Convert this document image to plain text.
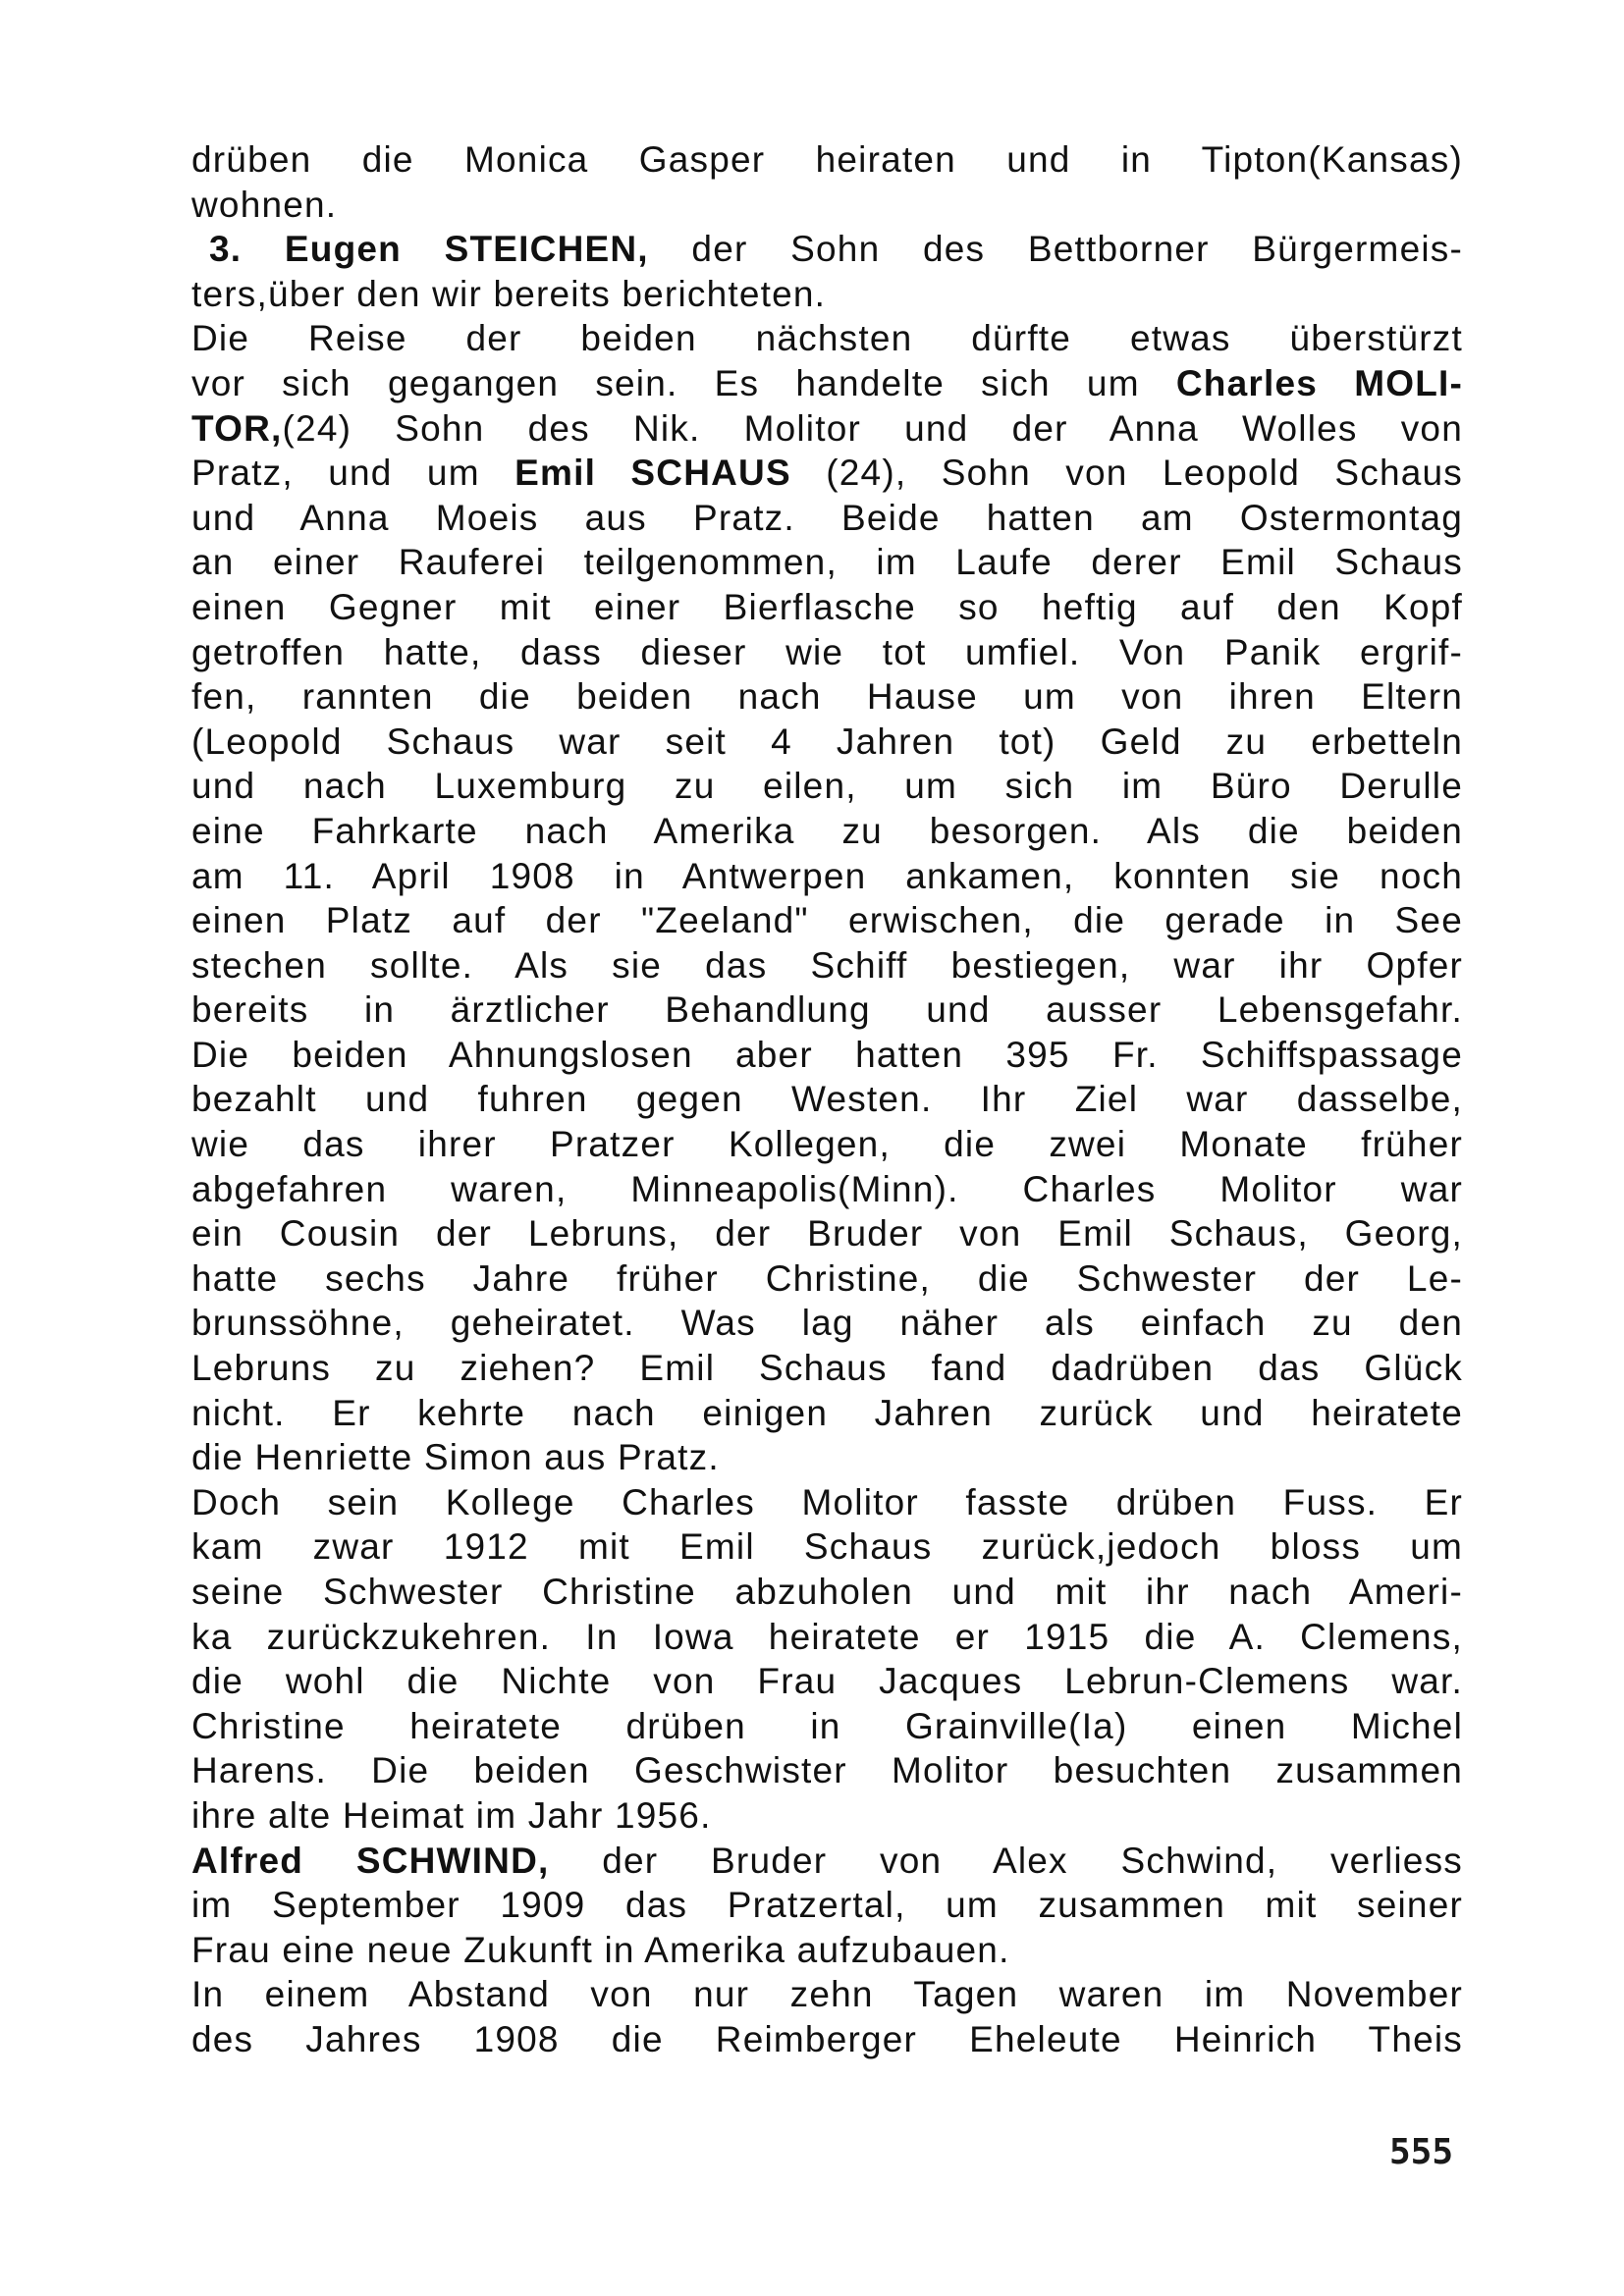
drüben die Monica Gasper heiraten und in Tipton(Kansas)
wohnen.
3. Eugen STEICHEN, der Sohn des Bettborner Bürgermeis-
ters,über den wir bereits berichteten.
Die Reise der beiden nächsten dürfte etwas überstürzt
vor sich gegangen sein. Es handelte sich um Charles MOLI-
TOR,(24) Sohn des Nik. Molitor und der Anna Wolles von
Pratz, und um Emil SCHAUS (24), Sohn von Leopold Schaus
und Anna Moeis aus Pratz. Beide hatten am Ostermontag
an einer Rauferei teilgenommen, im Laufe derer Emil Schaus
einen Gegner mit einer Bierflasche so heftig auf den Kopf
getroffen hatte, dass dieser wie tot umfiel. Von Panik ergrif-
fen, rannten die beiden nach Hause um von ihren Eltern
(Leopold Schaus war seit 4 Jahren tot) Geld zu erbetteln
und nach Luxemburg zu eilen, um sich im Büro Derulle
eine Fahrkarte nach Amerika zu besorgen. Als die beiden
am 11. April 1908 in Antwerpen ankamen, konnten sie noch
einen Platz auf der "Zeeland" erwischen, die gerade in See
stechen sollte. Als sie das Schiff bestiegen, war ihr Opfer
bereits in ärztlicher Behandlung und ausser Lebensgefahr.
Die beiden Ahnungslosen aber hatten 395 Fr. Schiffspassage
bezahlt und fuhren gegen Westen. Ihr Ziel war dasselbe,
wie das ihrer Pratzer Kollegen, die zwei Monate früher
abgefahren waren, Minneapolis(Minn). Charles Molitor war
ein Cousin der Lebruns, der Bruder von Emil Schaus, Georg,
hatte sechs Jahre früher Christine, die Schwester der Le-
brunssöhne, geheiratet. Was lag näher als einfach zu den
Lebruns zu ziehen? Emil Schaus fand dadrüben das Glück
nicht. Er kehrte nach einigen Jahren zurück und heiratete
die Henriette Simon aus Pratz.
Doch sein Kollege Charles Molitor fasste drüben Fuss. Er
kam zwar 1912 mit Emil Schaus zurück,jedoch bloss um
seine Schwester Christine abzuholen und mit ihr nach Ameri-
ka zurückzukehren. In Iowa heiratete er 1915 die A. Clemens,
die wohl die Nichte von Frau Jacques Lebrun-Clemens war.
Christine heiratete drüben in Grainville(Ia) einen Michel
Harens. Die beiden Geschwister Molitor besuchten zusammen
ihre alte Heimat im Jahr 1956.
Alfred SCHWIND, der Bruder von Alex Schwind, verliess
im September 1909 das Pratzertal, um zusammen mit seiner
Frau eine neue Zukunft in Amerika aufzubauen.
In einem Abstand von nur zehn Tagen waren im November
des Jahres 1908 die Reimberger Eheleute Heinrich Theis
555
